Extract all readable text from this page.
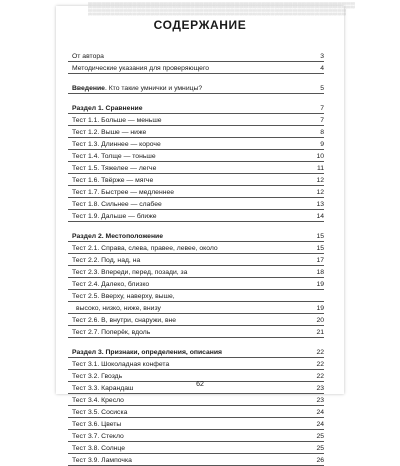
▒▒▒▒▒▒▒▒▒▒▒▒▒▒▒▒▒▒▒▒▒▒▒▒▒▒▒▒▒▒▒▒▒▒▒▒▒▒▒▒▒▒▒▒▒▒▒▒▒▒▒▒▒▒▒▒▒▒▒▒
▒▒▒▒▒▒▒▒▒▒▒▒▒▒▒▒▒▒▒▒▒▒▒▒▒▒▒▒▒▒▒▒▒▒▒▒▒▒▒▒▒▒▒▒▒▒▒▒▒▒▒▒▒▒▒▒▒▒
СОДЕРЖАНИЕ
От автора	3
Методические указания для проверяющего	4
Введение. Кто такие умнички и умницы?	5
Раздел 1. Сравнение	7
Тест 1.1. Больше — меньше	7
Тест 1.2. Выше — ниже	8
Тест 1.3. Длиннее — короче	9
Тест 1.4. Толще — тоньше	10
Тест 1.5. Тяжелее — легче	11
Тест 1.6. Твёрже — мягче	12
Тест 1.7. Быстрее — медленнее	12
Тест 1.8. Сильнее — слабее	13
Тест 1.9. Дальше — ближе	14
Раздел 2. Местоположение	15
Тест 2.1. Справа, слева, правее, левее, около	15
Тест 2.2. Под, над, на	17
Тест 2.3. Впереди, перед, позади, за	18
Тест 2.4. Далеко, близко	19
Тест 2.5. Вверху, наверху, выше,
высоко, низко, ниже, внизу	19
Тест 2.6. В, внутри, снаружи, вне	20
Тест 2.7. Поперёк, вдоль	21
Раздел 3. Признаки, определения, описания	22
Тест 3.1. Шоколадная конфета	22
Тест 3.2. Гвоздь	22
Тест 3.3. Карандаш	23
Тест 3.4. Кресло	23
Тест 3.5. Сосиска	24
Тест 3.6. Цветы	24
Тест 3.7. Стекло	25
Тест 3.8. Солнце	25
Тест 3.9. Лампочка	26
62
